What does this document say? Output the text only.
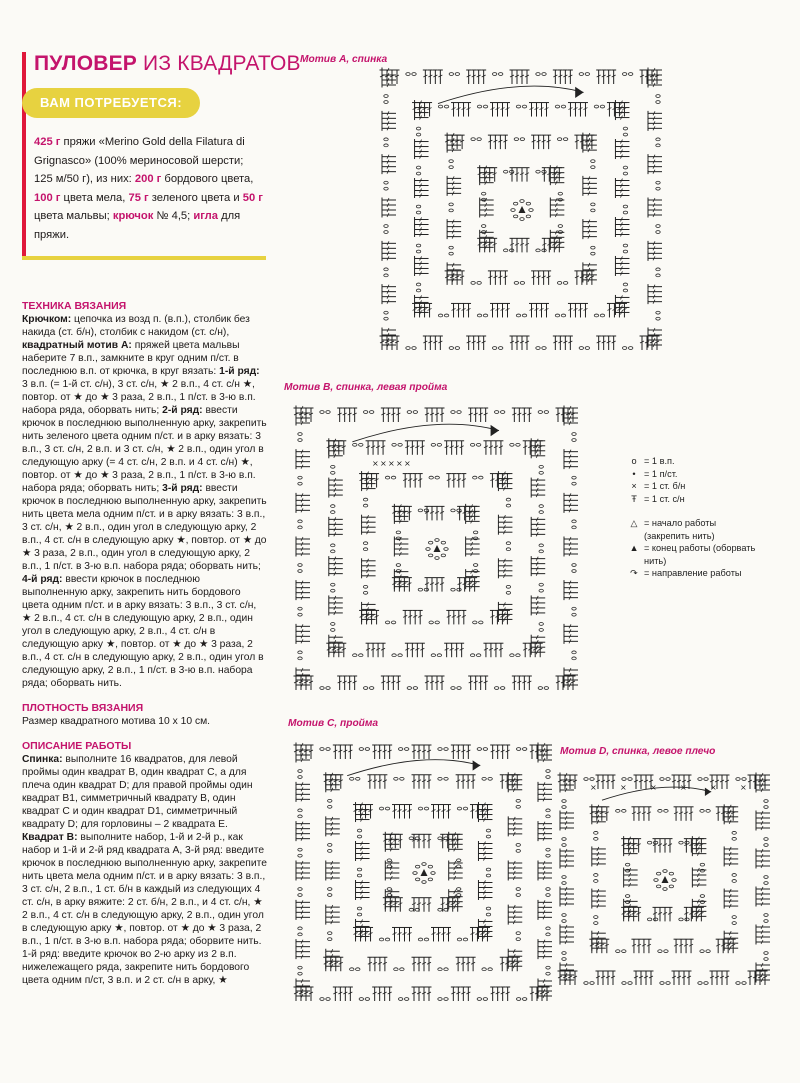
ПУЛОВЕР ИЗ КВАДРАТОВ
ВАМ ПОТРЕБУЕТСЯ:
425 г пряжи «Merino Gold della Filatura di Grignasco» (100% мериносовой шерсти; 125 м/50 г), из них: 200 г бордового цвета, 100 г цвета мела, 75 г зеленого цвета и 50 г цвета мальвы; крючок № 4,5; игла для пряжи.

ТЕХНИКА ВЯЗАНИЯ

Крючком: цепочка из возд п. (в.п.), столбик без накида (ст. б/н), столбик с накидом (ст. с/н),

квадратный мотив А: пряжей цвета мальвы наберите 7 в.п., замкните в круг одним п/ст. в последнюю в.п. от крючка, в круг вязать: 1-й ряд: 3 в.п. (= 1-й ст. с/н), 3 ст. с/н, ★ 2 в.п., 4 ст. с/н ★, повтор. от ★ до ★ 3 раза, 2 в.п., 1 п/ст. в 3-ю в.п. набора ряда, оборвать нить; 2-й ряд: ввести крючок в последнюю выполненную арку, закрепить нить зеленого цвета одним п/ст. и в арку вязать: 3 в.п., 3 ст. с/н, 2 в.п. и 3 ст. с/н, ★ 2 в.п., один угол в следующую арку (= 4 ст. с/н, 2 в.п. и 4 ст. с/н) ★, повтор. от ★ до ★ 3 раза, 2 в.п., 1 п/ст. в 3-ю в.п. набора ряда; оборвать нить; 3-й ряд: ввести крючок в последнюю выполненную арку, закрепить нить цвета мела одним п/ст. и в арку вязать: 3 в.п., 3 ст. с/н, ★ 2 в.п., один угол в следующую арку, 2 в.п., 4 ст. с/н в следующую арку ★, повтор. от ★ до ★ 3 раза, 2 в.п., один угол в следующую арку, 2 в.п., 1 п/ст. в 3-ю в.п. набора ряда; оборвать нить; 4-й ряд: ввести крючок в последнюю выполненную арку, закрепить нить бордового цвета одним п/ст. и в арку вязать: 3 в.п., 3 ст. с/н, ★ 2 в.п., 4 ст. с/н в следующую арку, 2 в.п., один угол в следующую арку, 2 в.п., 4 ст. с/н в следующую арку ★, повтор. от ★ до ★ 3 раза, 2 в.п., 4 ст. с/н в следующую арку, 2 в.п., один угол в следующую арку, 2 в.п., 1 п/ст. в 3-ю в.п. набора ряда; оборвать нить.

ПЛОТНОСТЬ ВЯЗАНИЯ

Размер квадратного мотива 10 х 10 см.

ОПИСАНИЕ РАБОТЫ

Спинка: выполните 16 квадратов, для левой проймы один квадрат В, один квадрат С, а для плеча один квадрат D; для правой проймы один квадрат В1, симметричный квадрату В, один квадрат С и один квадрат D1, симметричный квадрату D; для горловины – 2 квадрата Е.

Квадрат В: выполните набор, 1-й и 2-й р., как набор и 1-й и 2-й ряд квадрата А, 3-й ряд: введите крючок в последнюю выполненную арку, закрепите нить цвета мела одним п/ст. и в арку вязать: 3 в.п., 3 ст. с/н, 2 в.п., 1 ст. б/н в каждый из следующих 4 ст. с/н, в арку вяжите: 2 ст. б/н, 2 в.п., и 4 ст. с/н, ★ 2 в.п., 4 ст. с/н в следующую арку, 2 в.п., один угол в следующую арку ★, повтор. от ★ до ★ 3 раза, 2 в.п., 1 п/ст. в 3-ю в.п. набора ряда; оборвите нить. 1-й ряд: введите крючок во 2-ю арку из 2 в.п. нижележащего ряда, закрепите нить бордового цвета одним п/ст, 3 в.п. и 2 ст. с/н в арку, ★

Мотив А, спинка
Мотив В, спинка, левая пройма
Мотив С, пройма
Мотив D, спинка, левое плечо
× × × × ×
×	×	×	×	×	×
о = 1 в.п.
• = 1 п/ст.
× = 1 ст. б/н
Ŧ = 1 ст. с/н
△ = начало работы (закрепить нить)
▲ = конец работы (оборвать нить)
↷ = направление работы
